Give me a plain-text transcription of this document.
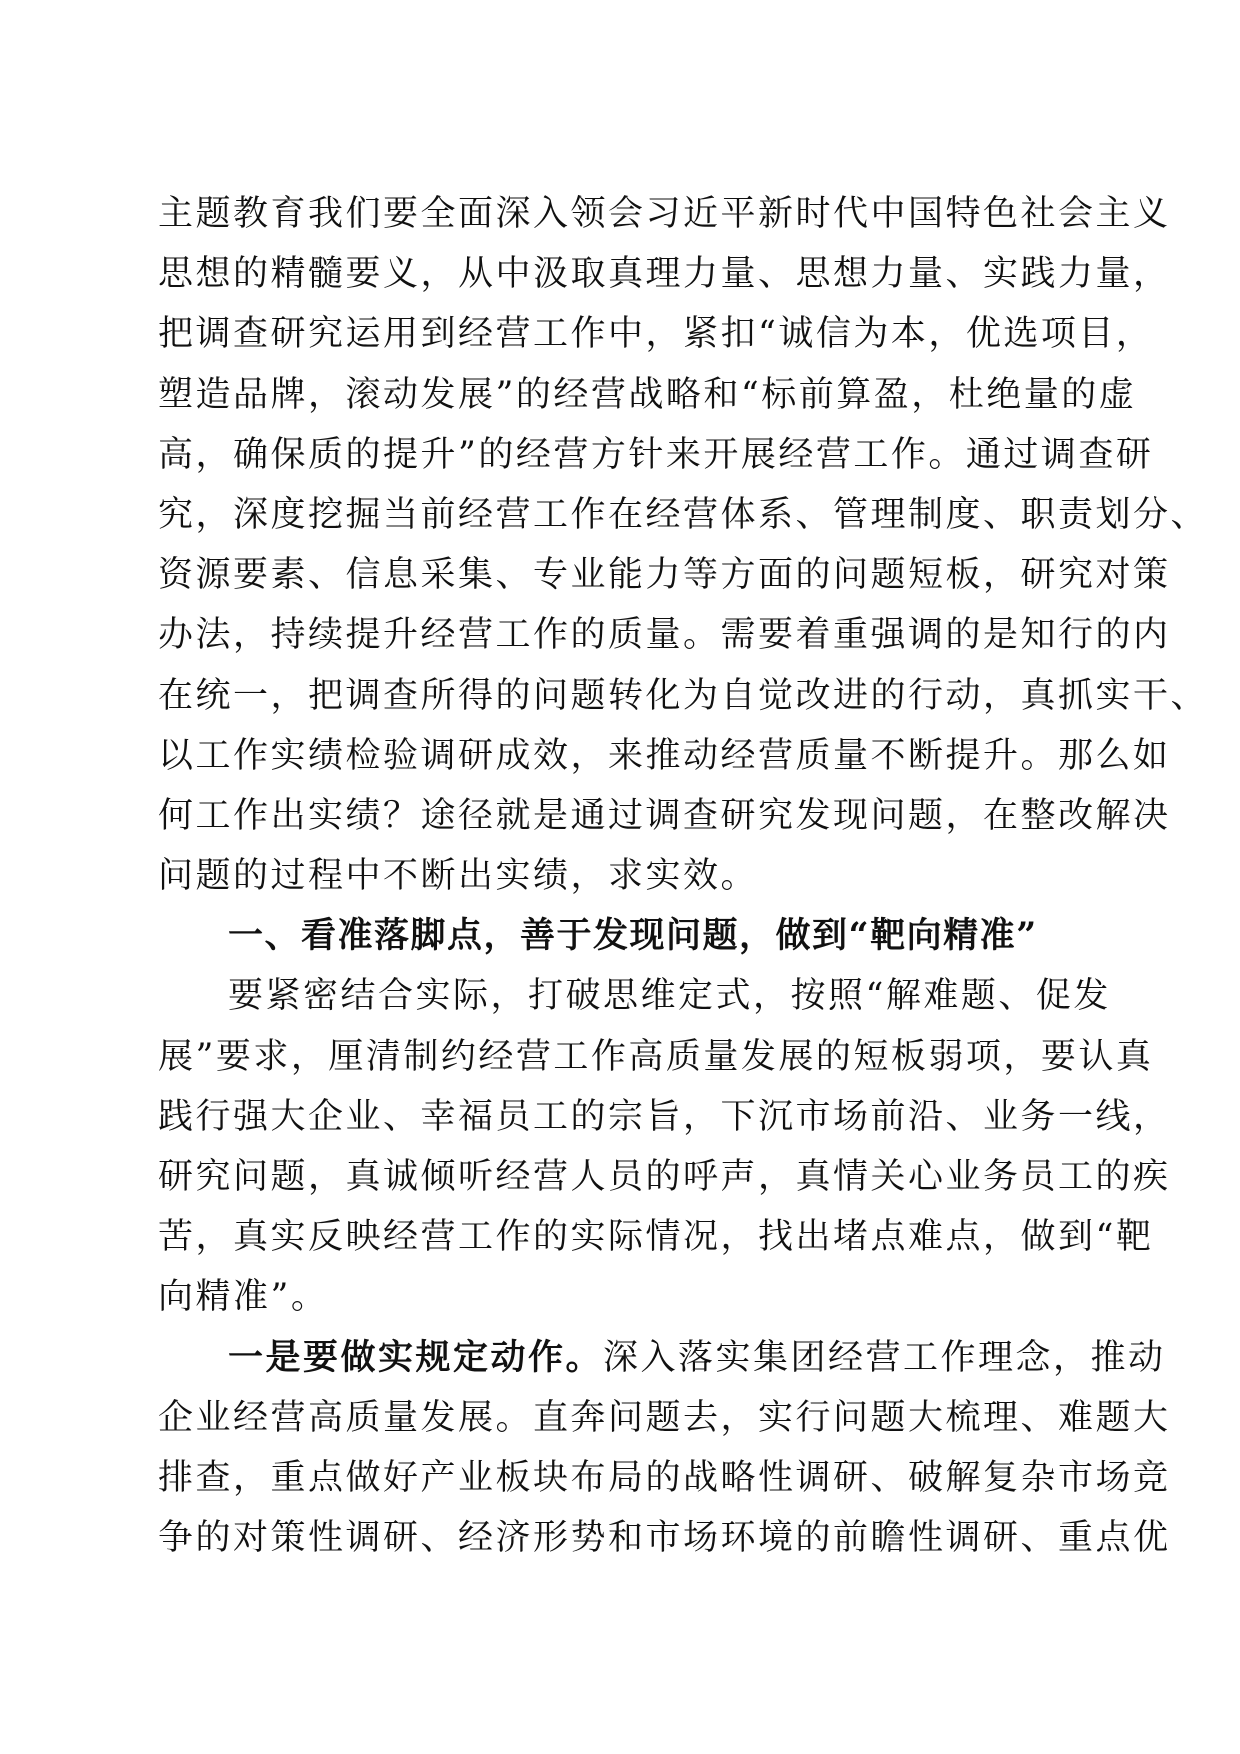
主题教育我们要全面深入领会习近平新时代中国特色社会主义
思想的精髓要义，从中汲取真理力量、思想力量、实践力量，
把调查研究运用到经营工作中，紧扣“诚信为本，优选项目，
塑造品牌，滚动发展”的经营战略和“标前算盈，杜绝量的虚
高，确保质的提升”的经营方针来开展经营工作。通过调查研
究，深度挖掘当前经营工作在经营体系、管理制度、职责划分、
资源要素、信息采集、专业能力等方面的问题短板，研究对策
办法，持续提升经营工作的质量。需要着重强调的是知行的内
在统一，把调查所得的问题转化为自觉改进的行动，真抓实干、
以工作实绩检验调研成效，来推动经营质量不断提升。那么如
何工作出实绩？途径就是通过调查研究发现问题，在整改解决
问题的过程中不断出实绩，求实效。
一、看准落脚点，善于发现问题，做到“靶向精准”
要紧密结合实际，打破思维定式，按照“解难题、促发
展”要求，厘清制约经营工作高质量发展的短板弱项，要认真
践行强大企业、幸福员工的宗旨，下沉市场前沿、业务一线，
研究问题，真诚倾听经营人员的呼声，真情关心业务员工的疾
苦，真实反映经营工作的实际情况，找出堵点难点，做到“靶
向精准”。
一是要做实规定动作。深入落实集团经营工作理念，推动
企业经营高质量发展。直奔问题去，实行问题大梳理、难题大
排查，重点做好产业板块布局的战略性调研、破解复杂市场竞
争的对策性调研、经济形势和市场环境的前瞻性调研、重点优
